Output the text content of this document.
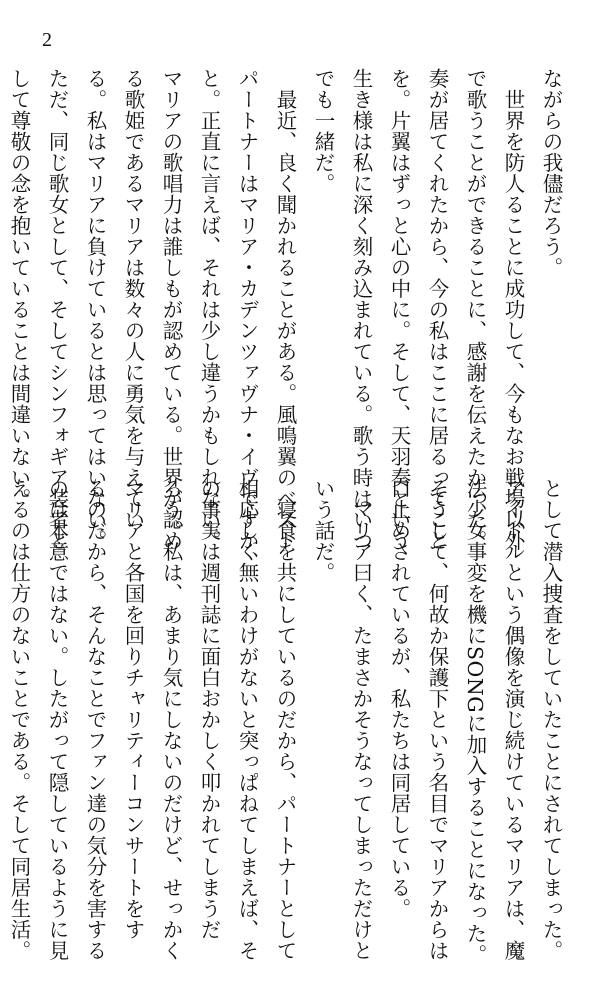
2
ながらの我儘だろう。
　世界を防人ることに成功して、今もなお戦場以外
で歌うことができることに、感謝を伝えたかった。
奏が居てくれたから、今の私はここに居るってこと
を。片翼はずっと心の中に。そして、天羽奏という
生き様は私に深く刻み込まれている。歌う時はいつ
でも一緒だ。
　最近、良く聞かれることがある。風鳴翼のベスト
パートナーはマリア・カデンツァヴナ・イヴですか、
と。正直に言えば、それは少し違うかもしれない。
マリアの歌唱力は誰しもが認めている。世界が認め
る歌姫であるマリアは数々の人に勇気を与えてい
る。私はマリアに負けているとは思ってはいない。
ただ、同じ歌女として、そしてシンフォギア装者と
して尊敬の念を抱いていることは間違いない。
として潜入捜査をしていたことにされてしまった。
アイドルという偶像を演じ続けているマリアは、魔
法少女事変を機にSONGに加入することになった。
そうして、何故か保護下という名目でマリアからは
口止めされているが、私たちは同居している。
　マリア曰く、たまさかそうなってしまっただけと
いう話だ。
　寝食を共にしているのだから、パートナーとして
相応しく無いわけがないと突っぱねてしまえば、そ
の事実は週刊誌に面白おかしく叩かれてしまうだ
ろう。私は、あまり気にしないのだけど、せっかく
マリアと各国を回りチャリティーコンサートをす
るのだから、そんなことでファン達の気分を害する
のは本意ではない。したがって隠しているように見
えるのは仕方のないことである。そして同居生活。
